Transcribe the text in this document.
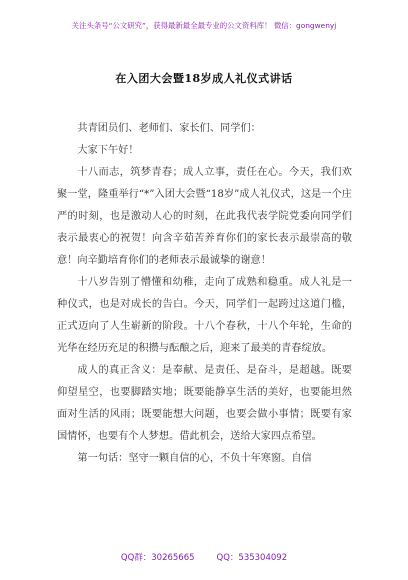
关注头条号“公文研究”，获得最新最全最专业的公文资料库！ 微信：gongwenyj
在入团大会暨18岁成人礼仪式讲话

共青团员们、老师们、家长们、同学们：

大家下午好！

十八而志，筑梦青春；成人立事，责任在心。今天，我们欢聚一堂，隆重举行“*”入团大会暨“18岁”成人礼仪式，这是一个庄严的时刻，也是激动人心的时刻，在此我代表学院党委向同学们表示最衷心的祝贺！向含辛茹苦养育你们的家长表示最崇高的敬意！向辛勤培育你们的老师表示最诚挚的谢意！

十八岁告别了懵懂和幼稚，走向了成熟和稳重。成人礼是一种仪式，也是对成长的告白。今天，同学们一起跨过这道门槛，正式迈向了人生崭新的阶段。十八个春秋，十八个年轮，生命的光华在经历充足的积攒与酝酿之后，迎来了最美的青春绽放。

成人的真正含义：是奉献、是责任、是奋斗，是超越。既要仰望星空，也要脚踏实地；既要能静享生活的美好，也要能坦然面对生活的风雨；既要能想大问题，也要会做小事情；既要有家国情怀，也要有个人梦想。借此机会，送给大家四点希望。

第一句话：坚守一颗自信的心，不负十年寒窗。自信

QQ群：30265665	QQ：535304092
